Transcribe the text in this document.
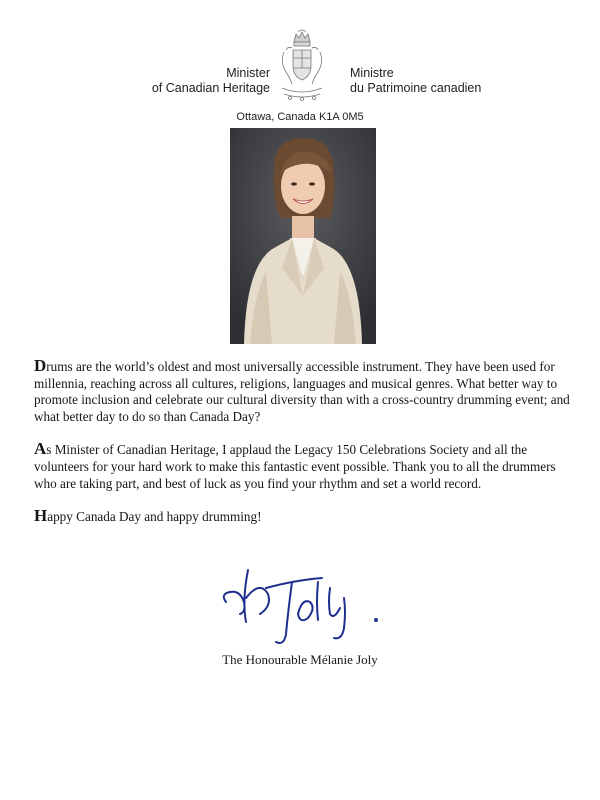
Minister
of Canadian Heritage
Ministre
du Patrimoine canadien
Ottawa, Canada K1A 0M5

Drums are the world’s oldest and most universally accessible instrument. They have been used for millennia, reaching across all cultures, religions, languages and musical genres. What better way to promote inclusion and celebrate our cultural diversity than with a cross-country drumming event; and what better day to do so than Canada Day?

As Minister of Canadian Heritage, I applaud the Legacy 150 Celebrations Society and all the volunteers for your hard work to make this fantastic event possible. Thank you to all the drummers who are taking part, and best of luck as you find your rhythm and set a world record.

Happy Canada Day and happy drumming!

The Honourable Mélanie Joly
